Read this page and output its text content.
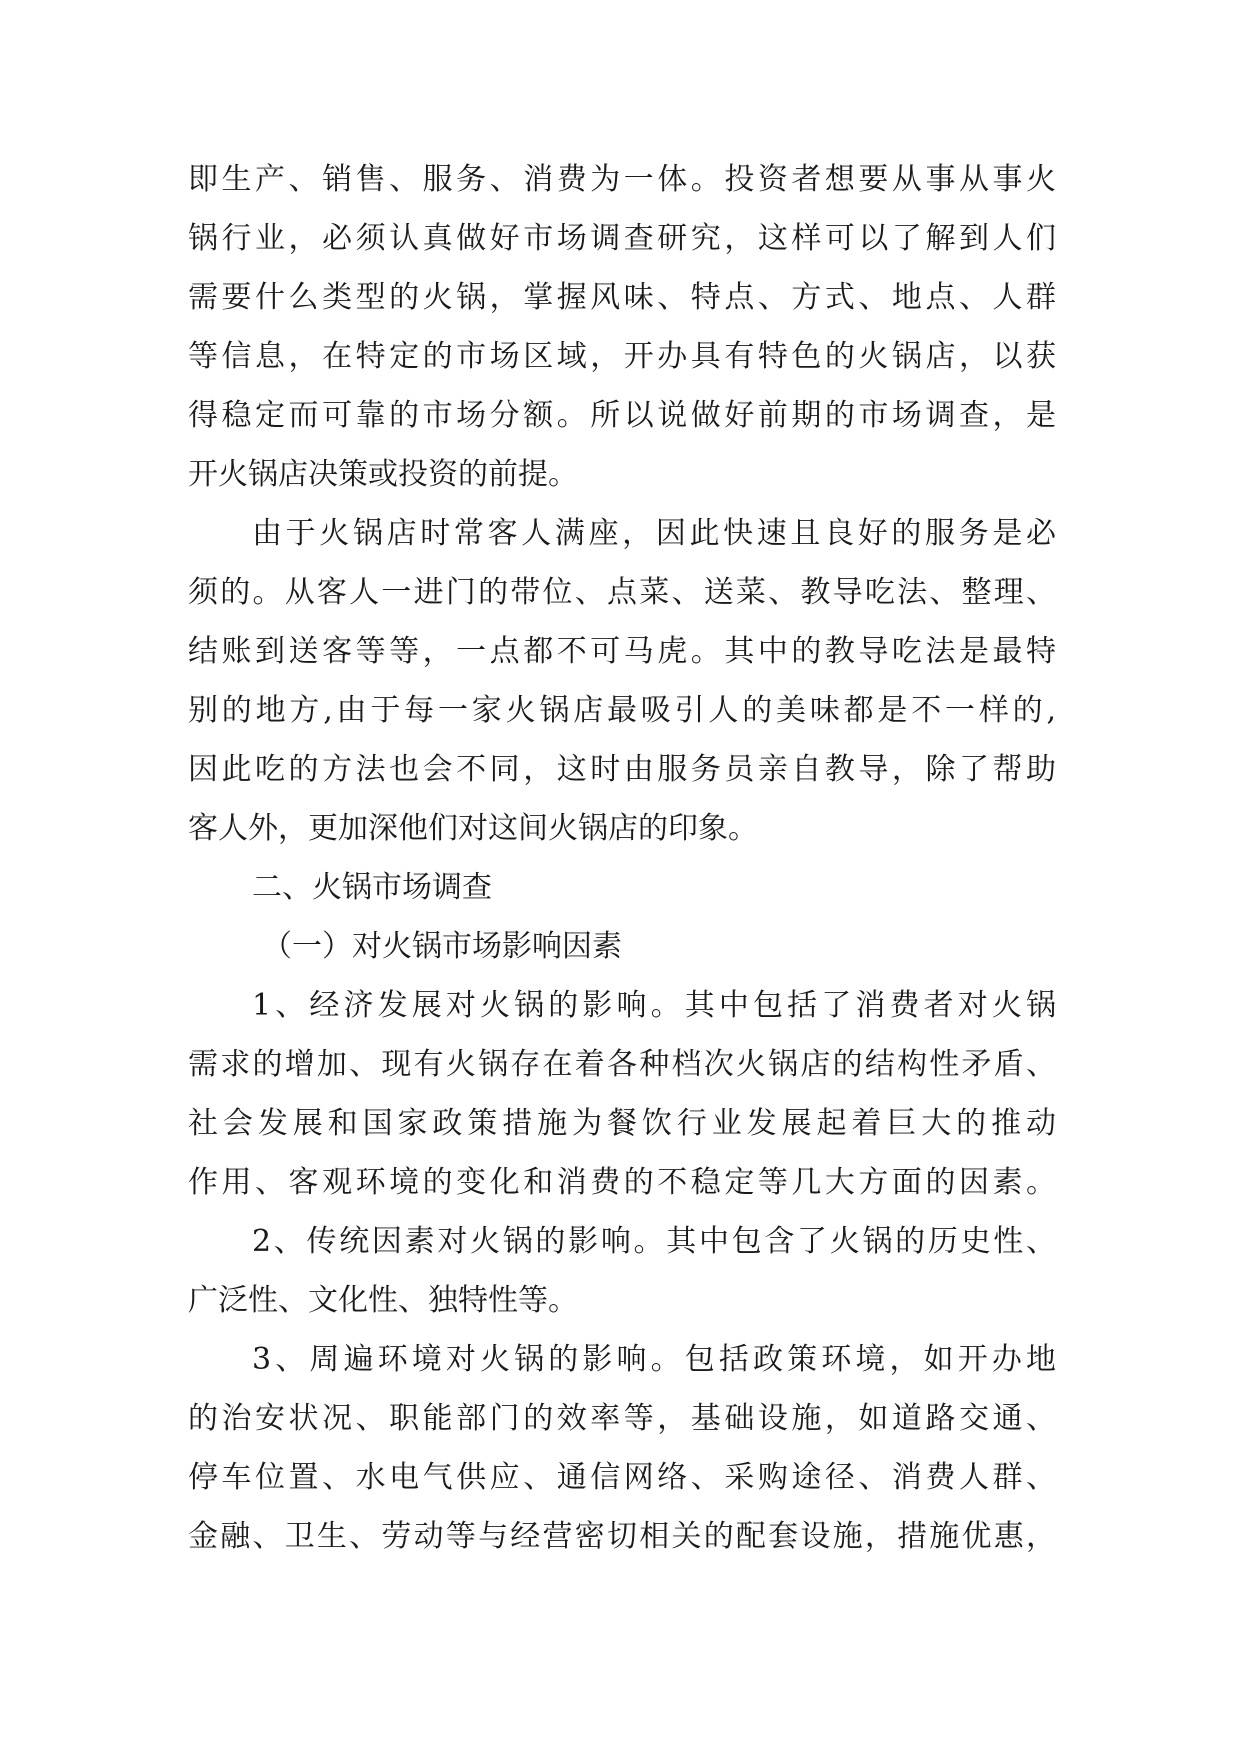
即生产、销售、服务、消费为一体。投资者想要从事从事火
锅行业，必须认真做好市场调查研究，这样可以了解到人们
需要什么类型的火锅，掌握风味、特点、方式、地点、人群
等信息，在特定的市场区域，开办具有特色的火锅店，以获
得稳定而可靠的市场分额。所以说做好前期的市场调查，是
开火锅店决策或投资的前提。
由于火锅店时常客人满座，因此快速且良好的服务是必
须的。从客人一进门的带位、点菜、送菜、教导吃法、整理、
结账到送客等等，一点都不可马虎。其中的教导吃法是最特
别的地方,由于每一家火锅店最吸引人的美味都是不一样的,
因此吃的方法也会不同，这时由服务员亲自教导，除了帮助
客人外，更加深他们对这间火锅店的印象。
二、火锅市场调查
（一）对火锅市场影响因素
1、经济发展对火锅的影响。其中包括了消费者对火锅
需求的增加、现有火锅存在着各种档次火锅店的结构性矛盾、
社会发展和国家政策措施为餐饮行业发展起着巨大的推动
作用、客观环境的变化和消费的不稳定等几大方面的因素。
2、传统因素对火锅的影响。其中包含了火锅的历史性、
广泛性、文化性、独特性等。
3、周遍环境对火锅的影响。包括政策环境，如开办地
的治安状况、职能部门的效率等，基础设施，如道路交通、
停车位置、水电气供应、通信网络、采购途径、消费人群、
金融、卫生、劳动等与经营密切相关的配套设施，措施优惠，
